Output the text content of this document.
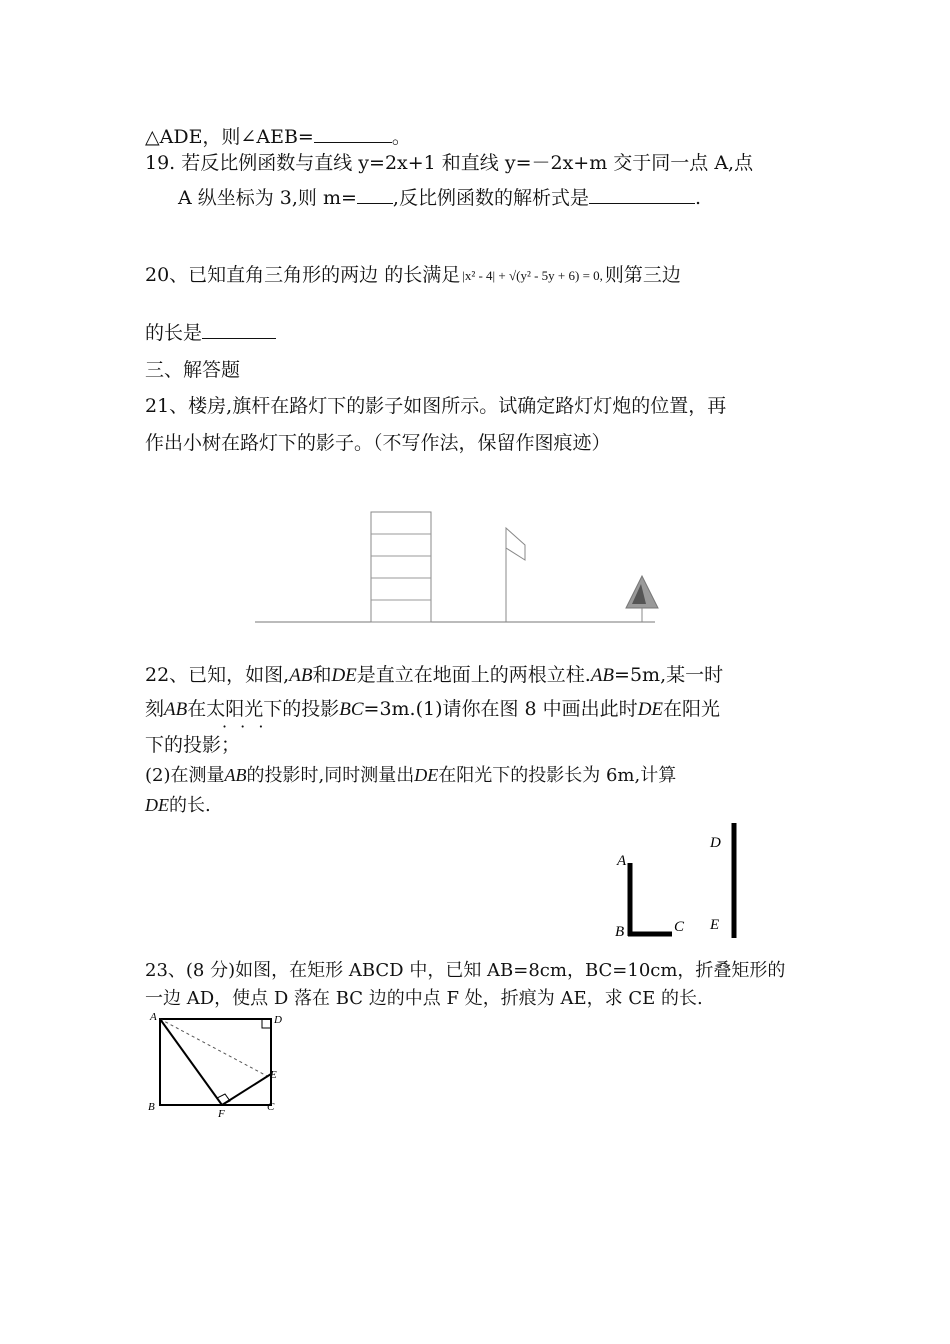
△ADE，则∠AEB=	。
19. 若反比例函数与直线 y=2x+1 和直线 y=－2x+m 交于同一点 A,点
A 纵坐标为 3,则 m= ,反比例函数的解析式是	.
20、已知直角三角形的两边 的长满足 |x² - 4| + √(y² - 5y + 6) = 0, 则第三边
的长是
三、解答题
21、楼房,旗杆在路灯下的影子如图所示。试确定路灯灯炮的位置，再
作出小树在路灯下的影子。（不写作法，保留作图痕迹）
22、已知，如图,AB和DE是直立在地面上的两根立柱.AB=5m,某一时
刻AB在太阳光下的投影BC=3m.(1)请你在图 8 中画出此时DE在阳光
· · ·
下的投影；
(2)在测量AB的投影时,同时测量出DE在阳光下的投影长为 6m,计算
DE的长.
A
B	C
D
E
23、(8 分)如图，在矩形 ABCD 中，已知 AB=8cm，BC=10cm，折叠矩形的
一边 AD，使点 D 落在 BC 边的中点 F 处，折痕为 AE，求 CE 的长.
A	D
B
F
C
E
